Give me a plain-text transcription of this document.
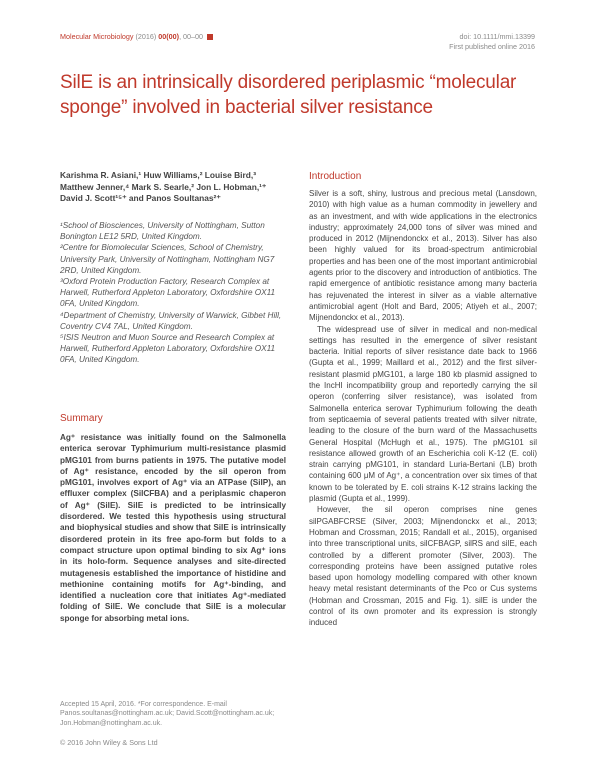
Molecular Microbiology (2016) 00(00), 00–00	doi: 10.1111/mmi.13399
First published online 2016
SilE is an intrinsically disordered periplasmic “molecular sponge” involved in bacterial silver resistance
Karishma R. Asiani,¹ Huw Williams,² Louise Bird,³ Matthew Jenner,⁴ Mark S. Searle,² Jon L. Hobman,¹⁺ David J. Scott¹⁵⁺ and Panos Soultanas²⁺
¹School of Biosciences, University of Nottingham, Sutton Bonington LE12 5RD, United Kingdom.
²Centre for Biomolecular Sciences, School of Chemistry, University Park, University of Nottingham, Nottingham NG7 2RD, United Kingdom.
³Oxford Protein Production Factory, Research Complex at Harwell, Rutherford Appleton Laboratory, Oxfordshire OX11 0FA, United Kingdom.
⁴Department of Chemistry, University of Warwick, Gibbet Hill, Coventry CV4 7AL, United Kingdom.
⁵ISIS Neutron and Muon Source and Research Complex at Harwell, Rutherford Appleton Laboratory, Oxfordshire OX11 0FA, United Kingdom.
Summary
Ag⁺ resistance was initially found on the Salmonella enterica serovar Typhimurium multi-resistance plasmid pMG101 from burns patients in 1975. The putative model of Ag⁺ resistance, encoded by the sil operon from pMG101, involves export of Ag⁺ via an ATPase (SilP), an effluxer complex (SilCFBA) and a periplasmic chaperon of Ag⁺ (SilE). SilE is predicted to be intrinsically disordered. We tested this hypothesis using structural and biophysical studies and show that SilE is intrinsically disordered protein in its free apo-form but folds to a compact structure upon optimal binding to six Ag⁺ ions in its holo-form. Sequence analyses and site-directed mutagenesis established the importance of histidine and methionine containing motifs for Ag⁺-binding, and identified a nucleation core that initiates Ag⁺-mediated folding of SilE. We conclude that SilE is a molecular sponge for absorbing metal ions.
Accepted 15 April, 2016. *For correspondence. E-mail Panos.soultanas@nottingham.ac.uk; David.Scott@nottingham.ac.uk; Jon.Hobman@nottingham.ac.uk.
© 2016 John Wiley & Sons Ltd
Introduction

Silver is a soft, shiny, lustrous and precious metal (Lansdown, 2010) with high value as a human commodity in jewellery and as an investment, and with wide applications in the electronics industry; approximately 24,000 tons of silver was mined and produced in 2012 (Mijnendonckx et al., 2013). Silver has also been highly valued for its broad-spectrum antimicrobial properties and has been one of the most important antimicrobial agents prior to the discovery and introduction of antibiotics. The rapid emergence of antibiotic resistance among many bacteria has rejuvenated the interest in silver as a viable alternative antimicrobial agent (Holt and Bard, 2005; Atiyeh et al., 2007; Mijnendonckx et al., 2013).

The widespread use of silver in medical and non-medical settings has resulted in the emergence of silver resistant bacteria. Initial reports of silver resistance date back to 1966 (Gupta et al., 1999; Maillard et al., 2012) and the first silver-resistant plasmid pMG101, a large 180 kb plasmid assigned to the IncHI incompatibility group and reportedly carrying the sil operon (conferring silver resistance), was isolated from Salmonella enterica serovar Typhimurium following the death from septicaemia of several patients treated with silver nitrate, leading to the closure of the burn ward of the Massachusetts General Hospital (McHugh et al., 1975). The pMG101 sil resistance allowed growth of an Escherichia coli K-12 (E. coli) strain carrying pMG101, in standard Luria-Bertani (LB) broth containing 600 μM of Ag⁺, a concentration over six times of that known to be tolerated by E. coli strains K-12 strains lacking the plasmid (Gupta et al., 1999).

However, the sil operon comprises nine genes silPGABFCRSE (Silver, 2003; Mijnendonckx et al., 2013; Hobman and Crossman, 2015; Randall et al., 2015), organised into three transcriptional units, silCFBAGP, silRS and silE, each controlled by a different promoter (Silver, 2003). The corresponding proteins have been assigned putative roles based upon homology modelling compared with other known heavy metal resistant determinants of the Pco or Cus systems (Hobman and Crossman, 2015 and Fig. 1). silE is under the control of its own promoter and its expression is strongly induced
